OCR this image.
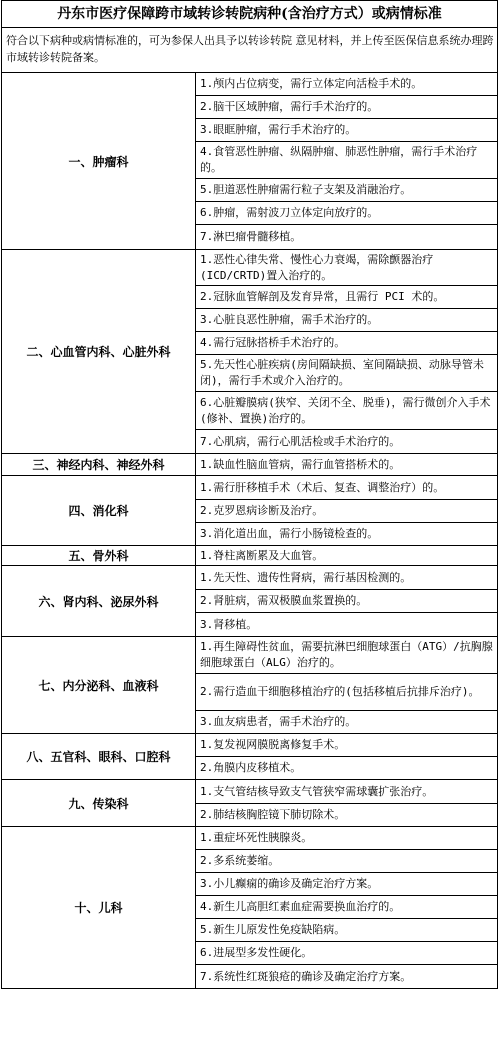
丹东市医疗保障跨市域转诊转院病种(含治疗方式）或病情标准
符合以下病种或病情标准的，可为参保人出具予以转诊转院 意见材料，并上传至医保信息系统办理跨市域转诊转院备案。
一、肿瘤科	1.颅内占位病变，需行立体定向活检手术的。
	2.脑干区域肿瘤，需行手术治疗的。
	3.眼眶肿瘤，需行手术治疗的。
	4.食管恶性肿瘤、纵隔肿瘤、肺恶性肿瘤，需行手术治疗的。
	5.胆道恶性肿瘤需行粒子支架及消融治疗。
	6.肿瘤，需射波刀立体定向放疗的。
	7.淋巴瘤骨髓移植。
二、心血管内科、心脏外科	1.恶性心律失常、慢性心力衰竭，需除颤器治疗(ICD/CRTD)置入治疗的。
	2.冠脉血管解剖及发育异常，且需行 PCI 术的。
	3.心脏良恶性肿瘤，需手术治疗的。
	4.需行冠脉搭桥手术治疗的。
	5.先天性心脏疾病(房间隔缺损、室间隔缺损、动脉导管未闭)，需行手术或介入治疗的。
	6.心脏瓣膜病(狭窄、关闭不全、脱垂)，需行微创介入手术 (修补、置换)治疗的。
	7.心肌病，需行心肌活检或手术治疗的。
三、神经内科、神经外科	1.缺血性脑血管病，需行血管搭桥术的。
四、消化科	1.需行肝移植手术（术后、复查、调整治疗）的。
	2.克罗恩病诊断及治疗。
	3.消化道出血，需行小肠镜检查的。
五、骨外科	1.脊柱离断累及大血管。
六、肾内科、泌尿外科	1.先天性、遗传性肾病，需行基因检测的。
	2.肾脏病，需双极膜血浆置换的。
	3.肾移植。
七、内分泌科、血液科	1.再生障碍性贫血，需要抗淋巴细胞球蛋白（ATG）/抗胸腺 细胞球蛋白（ALG）治疗的。
	2.需行造血干细胞移植治疗的(包括移植后抗排斥治疗)。
	3.血友病患者，需手术治疗的。
八、五官科、眼科、口腔科	1.复发视网膜脱离修复手术。
	2.角膜内皮移植术。
九、传染科	1.支气管结核导致支气管狭窄需球囊扩张治疗。
	2.肺结核胸腔镜下肺切除术。
十、儿科	1.重症坏死性胰腺炎。
	2.多系统萎缩。
	3.小儿癫痫的确诊及确定治疗方案。
	4.新生儿高胆红素血症需要换血治疗的。
	5.新生儿原发性免疫缺陷病。
	6.进展型多发性硬化。
	7.系统性红斑狼疮的确诊及确定治疗方案。
